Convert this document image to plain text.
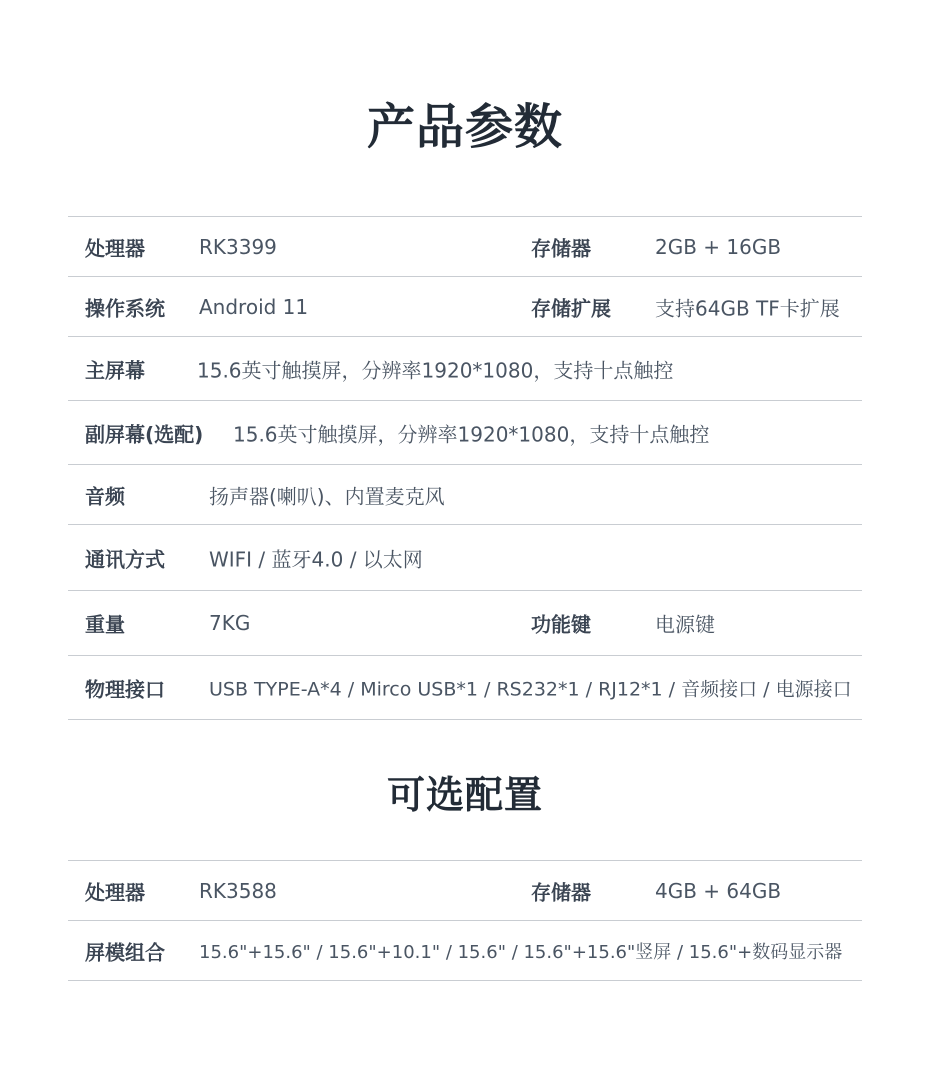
产品参数
处理器	RK3399	存储器	2GB + 16GB
操作系统 Android 11	存储扩展 支持64GB TF卡扩展
主屏幕	15.6英寸触摸屏，分辨率1920*1080，支持十点触控
副屏幕(选配) 15.6英寸触摸屏，分辨率1920*1080，支持十点触控
音频	扬声器(喇叭)、内置麦克风
通讯方式 WIFI / 蓝牙4.0 / 以太网
重量	7KG	功能键	电源键
物理接口 USB TYPE-A*4 / Mirco USB*1 / RS232*1 / RJ12*1 / 音频接口 / 电源接口
可选配置
处理器	RK3588	存储器	4GB + 64GB
屏模组合 15.6"+15.6" / 15.6"+10.1" / 15.6" / 15.6"+15.6"竖屏 / 15.6"+数码显示器
